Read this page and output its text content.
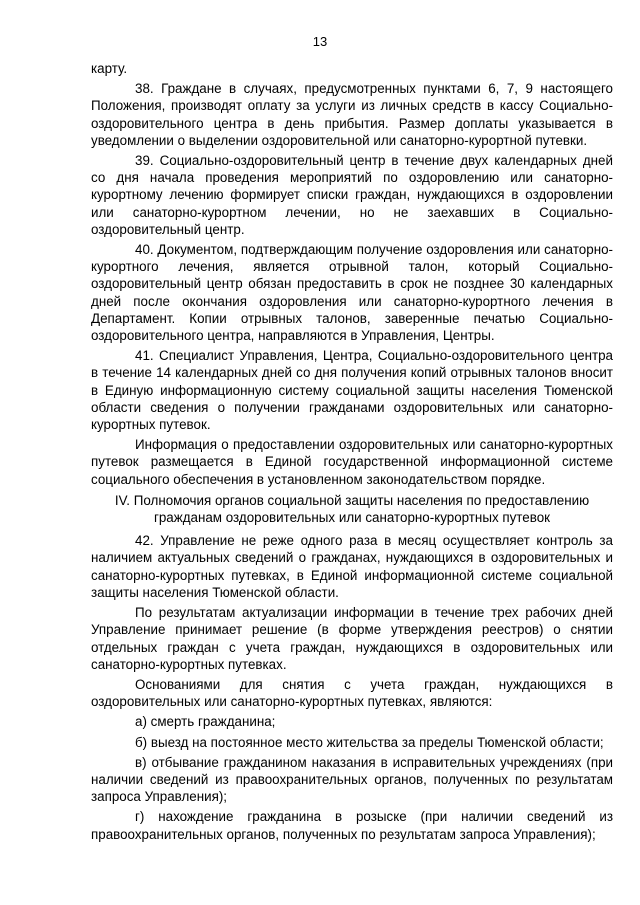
13

карту.

38. Граждане в случаях, предусмотренных пунктами 6, 7, 9 настоящего Положения, производят оплату за услуги из личных средств в кассу Социально-оздоровительного центра в день прибытия. Размер доплаты указывается в уведомлении о выделении оздоровительной или санаторно-курортной путевки.

39. Социально-оздоровительный центр в течение двух календарных дней со дня начала проведения мероприятий по оздоровлению или санаторно-курортному лечению формирует списки граждан, нуждающихся в оздоровлении или санаторно-курортном лечении, но не заехавших в Социально-оздоровительный центр.

40. Документом, подтверждающим получение оздоровления или санаторно-курортного лечения, является отрывной талон, который Социально-оздоровительный центр обязан предоставить в срок не позднее 30 календарных дней после окончания оздоровления или санаторно-курортного лечения в Департамент. Копии отрывных талонов, заверенные печатью Социально-оздоровительного центра, направляются в Управления, Центры.

41. Специалист Управления, Центра, Социально-оздоровительного центра в течение 14 календарных дней со дня получения копий отрывных талонов вносит в Единую информационную систему социальной защиты населения Тюменской области сведения о получении гражданами оздоровительных или санаторно-курортных путевок.

Информация о предоставлении оздоровительных или санаторно-курортных путевок размещается в Единой государственной информационной системе социального обеспечения в установленном законодательством порядке.

IV. Полномочия органов социальной защиты населения по предоставлению гражданам оздоровительных или санаторно-курортных путевок

42. Управление не реже одного раза в месяц осуществляет контроль за наличием актуальных сведений о гражданах, нуждающихся в оздоровительных и санаторно-курортных путевках, в Единой информационной системе социальной защиты населения Тюменской области.

По результатам актуализации информации в течение трех рабочих дней Управление принимает решение (в форме утверждения реестров) о снятии отдельных граждан с учета граждан, нуждающихся в оздоровительных или санаторно-курортных путевках.

Основаниями для снятия с учета граждан, нуждающихся в оздоровительных или санаторно-курортных путевках, являются:

а) смерть гражданина;

б) выезд на постоянное место жительства за пределы Тюменской области;

в) отбывание гражданином наказания в исправительных учреждениях (при наличии сведений из правоохранительных органов, полученных по результатам запроса Управления);

г) нахождение гражданина в розыске (при наличии сведений из правоохранительных органов, полученных по результатам запроса Управления);
